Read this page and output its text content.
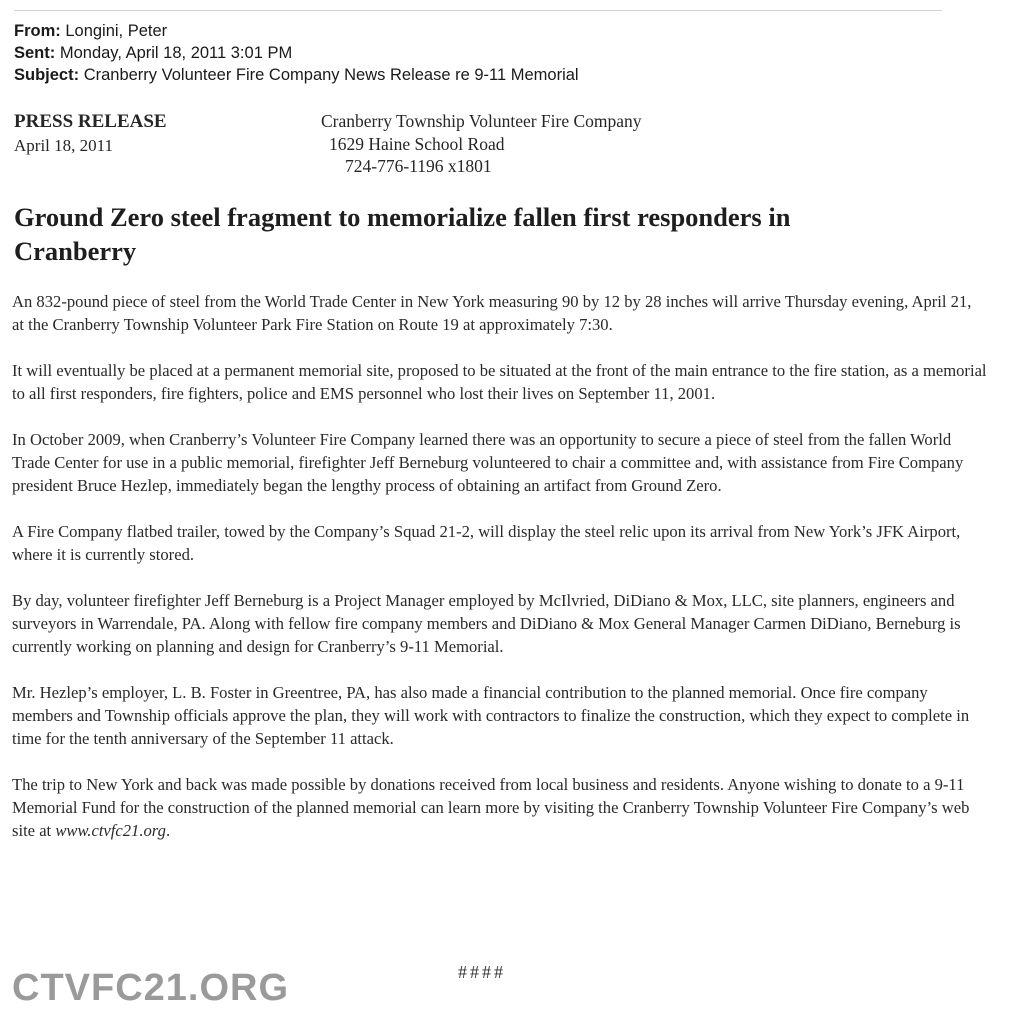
From: Longini, Peter
Sent: Monday, April 18, 2011 3:01 PM
Subject: Cranberry Volunteer Fire Company News Release re 9-11 Memorial
PRESS RELEASE
April 18, 2011
Cranberry Township Volunteer Fire Company
1629 Haine School Road
724-776-1196 x1801
Ground Zero steel fragment to memorialize fallen first responders in Cranberry

An 832-pound piece of steel from the World Trade Center in New York measuring 90 by 12 by 28 inches will arrive Thursday evening, April 21, at the Cranberry Township Volunteer Park Fire Station on Route 19 at approximately 7:30.

It will eventually be placed at a permanent memorial site, proposed to be situated at the front of the main entrance to the fire station, as a memorial to all first responders, fire fighters, police and EMS personnel who lost their lives on September 11, 2001.

In October 2009, when Cranberry’s Volunteer Fire Company learned there was an opportunity to secure a piece of steel from the fallen World Trade Center for use in a public memorial, firefighter Jeff Berneburg volunteered to chair a committee and, with assistance from Fire Company president Bruce Hezlep, immediately began the lengthy process of obtaining an artifact from Ground Zero.

A Fire Company flatbed trailer, towed by the Company’s Squad 21-2, will display the steel relic upon its arrival from New York’s JFK Airport, where it is currently stored.

By day, volunteer firefighter Jeff Berneburg is a Project Manager employed by McIlvried, DiDiano & Mox, LLC, site planners, engineers and surveyors in Warrendale, PA. Along with fellow fire company members and DiDiano & Mox General Manager Carmen DiDiano, Berneburg is currently working on planning and design for Cranberry’s 9-11 Memorial.

Mr. Hezlep’s employer, L. B. Foster in Greentree, PA, has also made a financial contribution to the planned memorial. Once fire company members and Township officials approve the plan, they will work with contractors to finalize the construction, which they expect to complete in time for the tenth anniversary of the September 11 attack.

The trip to New York and back was made possible by donations received from local business and residents. Anyone wishing to donate to a 9-11 Memorial Fund for the construction of the planned memorial can learn more by visiting the Cranberry Township Volunteer Fire Company’s web site at www.ctvfc21.org.

####
CTVFC21.ORG
